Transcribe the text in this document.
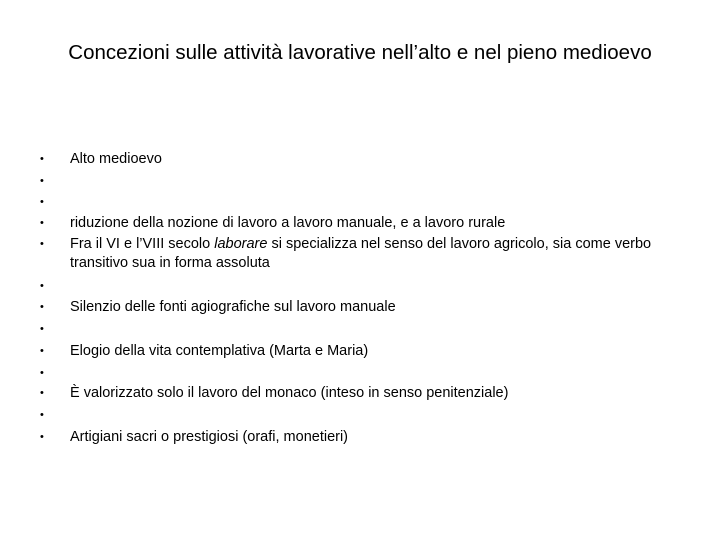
Concezioni sulle attività lavorative nell’alto e nel pieno medioevo
•	Alto medioevo
•
•
•	riduzione della nozione di lavoro a lavoro manuale, e a lavoro rurale
•	Fra il VI e l’VIII secolo laborare si specializza nel senso del lavoro agricolo, sia come verbo transitivo sua in forma assoluta
•
•	Silenzio delle fonti agiografiche sul lavoro manuale
•
•	Elogio della vita contemplativa (Marta e Maria)
•
•	È valorizzato solo il lavoro del monaco (inteso in senso penitenziale)
•
•	Artigiani sacri o prestigiosi (orafi, monetieri)
